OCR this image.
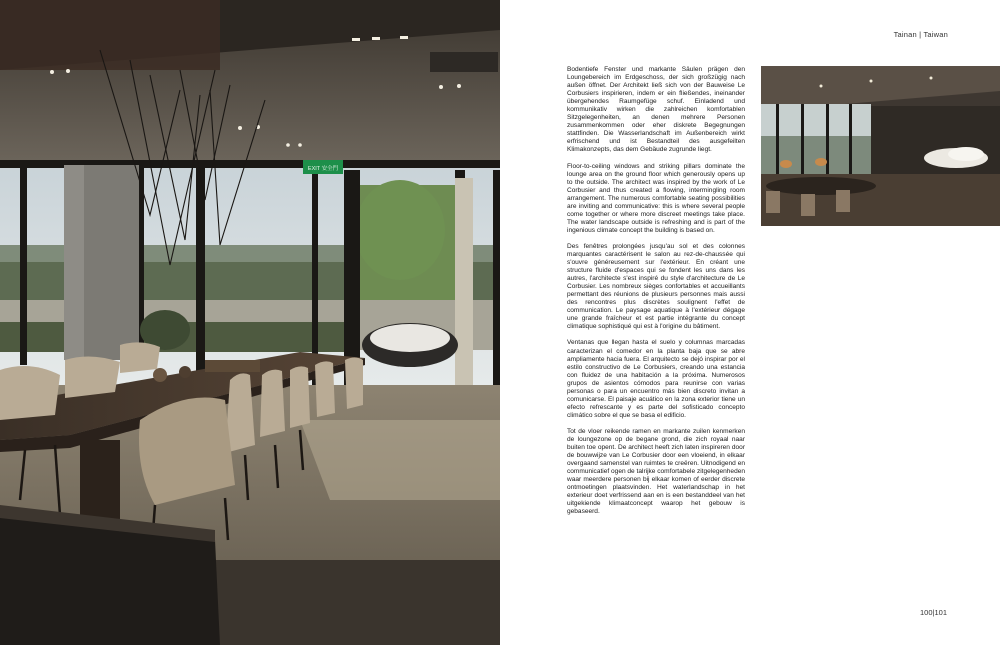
EXIT 安全門
Tainan | Taiwan

Bodentiefe Fenster und markante Säulen prägen den Loungebereich im Erdgeschoss, der sich großzügig nach außen öffnet. Der Architekt ließ sich von der Bauweise Le Corbusiers inspirieren, indem er ein fließendes, ineinander übergehendes Raumgefüge schuf. Einladend und kommunikativ wirken die zahlreichen komfortablen Sitzgelegenheiten, an denen mehrere Personen zusammenkommen oder eher diskrete Begegnungen stattfinden. Die Wasserlandschaft im Außenbereich wirkt erfrischend und ist Bestandteil des ausgefeilten Klimakonzepts, das dem Gebäude zugrunde liegt.

Floor-to-ceiling windows and striking pillars dominate the lounge area on the ground floor which generously opens up to the outside. The architect was inspired by the work of Le Corbusier and thus created a flowing, intermingling room arrangement. The numerous comfortable seating possibilities are inviting and communicative: this is where several people come together or where more discreet meetings take place. The water landscape outside is refreshing and is part of the ingenious climate concept the building is based on.

Des fenêtres prolongées jusqu'au sol et des colonnes marquantes caractérisent le salon au rez-de-chaussée qui s'ouvre généreusement sur l'extérieur. En créant une structure fluide d'espaces qui se fondent les uns dans les autres, l'architecte s'est inspiré du style d'architecture de Le Corbusier. Les nombreux sièges confortables et accueillants permettant des réunions de plusieurs personnes mais aussi des rencontres plus discrètes soulignent l'effet de communication. Le paysage aquatique à l'extérieur dégage une grande fraîcheur et est partie intégrante du concept climatique sophistiqué qui est à l'origine du bâtiment.

Ventanas que llegan hasta el suelo y columnas marcadas caracterizan el comedor en la planta baja que se abre ampliamente hacia fuera. El arquitecto se dejó inspirar por el estilo constructivo de Le Corbusiers, creando una estancia con fluidez de una habitación a la próxima. Numerosos grupos de asientos cómodos para reunirse con varias personas o para un encuentro más bien discreto invitan a comunicarse. El paisaje acuático en la zona exterior tiene un efecto refrescante y es parte del sofisticado concepto climático sobre el que se basa el edificio.

Tot de vloer reikende ramen en markante zuilen kenmerken de loungezone op de begane grond, die zich royaal naar buiten toe opent. De architect heeft zich laten inspireren door de bouwwijze van Le Corbusier door een vloeiend, in elkaar overgaand samenstel van ruimtes te creëren. Uitnodigend en communicatief ogen de talrijke comfortabele zitgelegenheden waar meerdere personen bij elkaar komen of eerder discrete ontmoetingen plaatsvinden. Het waterlandschap in het exterieur doet verfrissend aan en is een bestanddeel van het uitgekiende klimaatconcept waarop het gebouw is gebaseerd.

100|101
